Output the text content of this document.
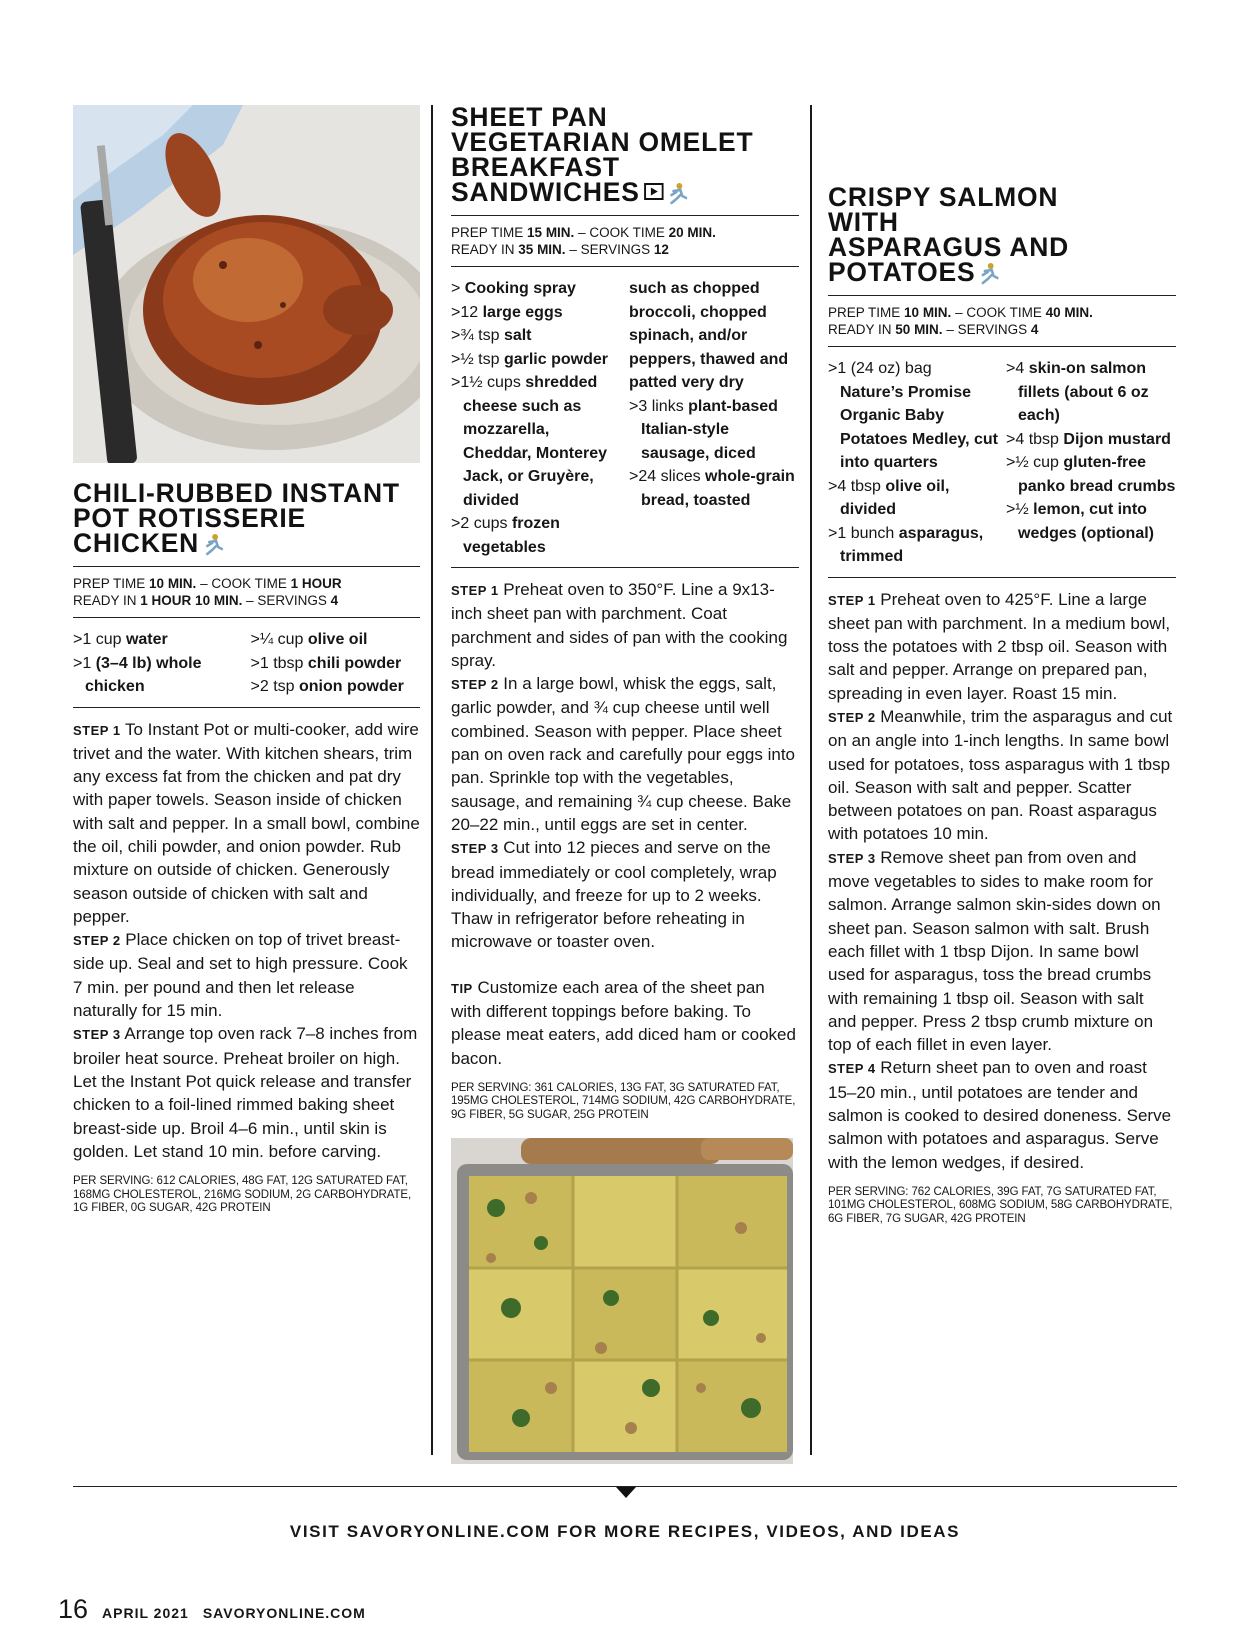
CHILI-RUBBED INSTANT POT ROTISSERIE CHICKEN
PREP TIME 10 MIN. – COOK TIME 1 HOUR
READY IN 1 HOUR 10 MIN. – SERVINGS 4
>1 cup water
>1 (3–4 lb) whole chicken
>¼ cup olive oil
>1 tbsp chili powder
>2 tsp onion powder

STEP 1 To Instant Pot or multi-cooker, add wire trivet and the water. With kitchen shears, trim any excess fat from the chicken and pat dry with paper towels. Season inside of chicken with salt and pepper. In a small bowl, combine the oil, chili powder, and onion powder. Rub mixture on outside of chicken. Generously season outside of chicken with salt and pepper.

STEP 2 Place chicken on top of trivet breast-side up. Seal and set to high pressure. Cook 7 min. per pound and then let release naturally for 15 min.

STEP 3 Arrange top oven rack 7–8 inches from broiler heat source. Preheat broiler on high. Let the Instant Pot quick release and transfer chicken to a foil-lined rimmed baking sheet breast-side up. Broil 4–6 min., until skin is golden. Let stand 10 min. before carving.

PER SERVING: 612 CALORIES, 48G FAT, 12G SATURATED FAT, 168MG CHOLESTEROL, 216MG SODIUM, 2G CARBOHYDRATE, 1G FIBER, 0G SUGAR, 42G PROTEIN
SHEET PAN VEGETARIAN OMELET BREAKFAST SANDWICHES
PREP TIME 15 MIN. – COOK TIME 20 MIN.
READY IN 35 MIN. – SERVINGS 12
> Cooking spray
>12 large eggs
>¾ tsp salt
>½ tsp garlic powder
>1½ cups shredded cheese such as mozzarella, Cheddar, Monterey Jack, or Gruyère, divided
>2 cups frozen vegetables
such as chopped broccoli, chopped spinach, and/or peppers, thawed and patted very dry
>3 links plant-based Italian-style sausage, diced
>24 slices whole-grain bread, toasted

STEP 1 Preheat oven to 350°F. Line a 9x13-inch sheet pan with parchment. Coat parchment and sides of pan with the cooking spray.

STEP 2 In a large bowl, whisk the eggs, salt, garlic powder, and ¾ cup cheese until well combined. Season with pepper. Place sheet pan on oven rack and carefully pour eggs into pan. Sprinkle top with the vegetables, sausage, and remaining ¾ cup cheese. Bake 20–22 min., until eggs are set in center.

STEP 3 Cut into 12 pieces and serve on the bread immediately or cool completely, wrap individually, and freeze for up to 2 weeks. Thaw in refrigerator before reheating in microwave or toaster oven.

TIP Customize each area of the sheet pan with different toppings before baking. To please meat eaters, add diced ham or cooked bacon.
PER SERVING: 361 CALORIES, 13G FAT, 3G SATURATED FAT, 195MG CHOLESTEROL, 714MG SODIUM, 42G CARBOHYDRATE, 9G FIBER, 5G SUGAR, 25G PROTEIN
CRISPY SALMON WITH ASPARAGUS AND POTATOES
PREP TIME 10 MIN. – COOK TIME 40 MIN.
READY IN 50 MIN. – SERVINGS 4
>1 (24 oz) bag Nature’s Promise Organic Baby Potatoes Medley, cut into quarters
>4 tbsp olive oil, divided
>1 bunch asparagus, trimmed
>4 skin-on salmon fillets (about 6 oz each)
>4 tbsp Dijon mustard
>½ cup gluten-free panko bread crumbs
>½ lemon, cut into wedges (optional)

STEP 1 Preheat oven to 425°F. Line a large sheet pan with parchment. In a medium bowl, toss the potatoes with 2 tbsp oil. Season with salt and pepper. Arrange on prepared pan, spreading in even layer. Roast 15 min.

STEP 2 Meanwhile, trim the asparagus and cut on an angle into 1-inch lengths. In same bowl used for potatoes, toss asparagus with 1 tbsp oil. Season with salt and pepper. Scatter between potatoes on pan. Roast asparagus with potatoes 10 min.

STEP 3 Remove sheet pan from oven and move vegetables to sides to make room for salmon. Arrange salmon skin-sides down on sheet pan. Season salmon with salt. Brush each fillet with 1 tbsp Dijon. In same bowl used for asparagus, toss the bread crumbs with remaining 1 tbsp oil. Season with salt and pepper. Press 2 tbsp crumb mixture on top of each fillet in even layer.

STEP 4 Return sheet pan to oven and roast 15–20 min., until potatoes are tender and salmon is cooked to desired doneness. Serve salmon with potatoes and asparagus. Serve with the lemon wedges, if desired.

PER SERVING: 762 CALORIES, 39G FAT, 7G SATURATED FAT, 101MG CHOLESTEROL, 608MG SODIUM, 58G CARBOHYDRATE, 6G FIBER, 7G SUGAR, 42G PROTEIN
VISIT SAVORYONLINE.COM FOR MORE RECIPES, VIDEOS, AND IDEAS
16 APRIL 2021 SAVORYONLINE.COM
